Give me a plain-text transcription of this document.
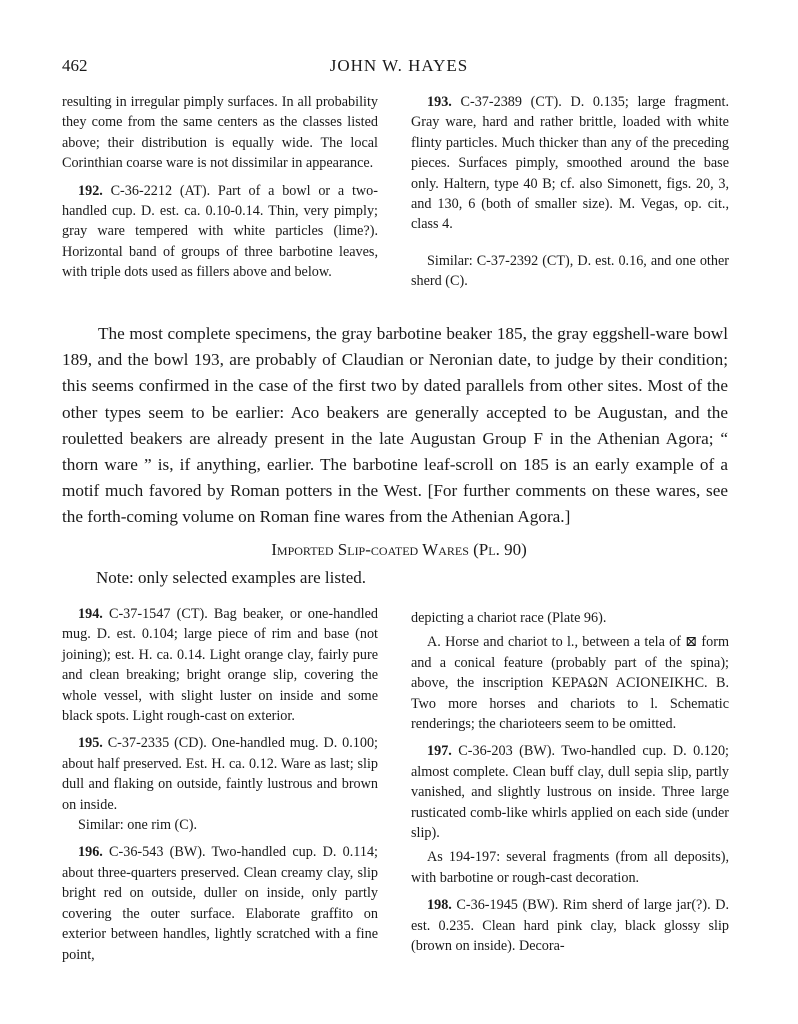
462	JOHN W. HAYES

resulting in irregular pimply surfaces. In all probability they come from the same centers as the classes listed above; their distribution is equally wide. The local Corinthian coarse ware is not dissimilar in appearance.

192. C-36-2212 (AT). Part of a bowl or a two-handled cup. D. est. ca. 0.10-0.14. Thin, very pimply; gray ware tempered with white particles (lime?). Horizontal band of groups of three barbotine leaves, with triple dots used as fillers above and below.

193. C-37-2389 (CT). D. 0.135; large fragment. Gray ware, hard and rather brittle, loaded with white flinty particles. Much thicker than any of the preceding pieces. Surfaces pimply, smoothed around the base only. Haltern, type 40 B; cf. also Simonett, figs. 20, 3, and 130, 6 (both of smaller size). M. Vegas, op. cit., class 4.

Similar: C-37-2392 (CT), D. est. 0.16, and one other sherd (C).

The most complete specimens, the gray barbotine beaker 185, the gray eggshell-ware bowl 189, and the bowl 193, are probably of Claudian or Neronian date, to judge by their condition; this seems confirmed in the case of the first two by dated parallels from other sites. Most of the other types seem to be earlier: Aco beakers are generally accepted to be Augustan, and the rouletted beakers are already present in the late Augustan Group F in the Athenian Agora; “ thorn ware ” is, if anything, earlier. The barbotine leaf-scroll on 185 is an early example of a motif much favored by Roman potters in the West. [For further comments on these wares, see the forth-coming volume on Roman fine wares from the Athenian Agora.]

Imported Slip-coated Wares (Pl. 90)
Note: only selected examples are listed.

194. C-37-1547 (CT). Bag beaker, or one-handled mug. D. est. 0.104; large piece of rim and base (not joining); est. H. ca. 0.14. Light orange clay, fairly pure and clean breaking; bright orange slip, covering the whole vessel, with slight luster on inside and some black spots. Light rough-cast on exterior.

195. C-37-2335 (CD). One-handled mug. D. 0.100; about half preserved. Est. H. ca. 0.12. Ware as last; slip dull and flaking on outside, faintly lustrous and brown on inside.

Similar: one rim (C).

196. C-36-543 (BW). Two-handled cup. D. 0.114; about three-quarters preserved. Clean creamy clay, slip bright red on outside, duller on inside, only partly covering the outer surface. Elaborate graffito on exterior between handles, lightly scratched with a fine point,

depicting a chariot race (Plate 96).

A. Horse and chariot to l., between a tela of ⊠ form and a conical feature (probably part of the spina); above, the inscription ΚΕΡΑΩΝ ΑCΙΟΝΕΙΚΗC. B. Two more horses and chariots to l. Schematic renderings; the charioteers seem to be omitted.

197. C-36-203 (BW). Two-handled cup. D. 0.120; almost complete. Clean buff clay, dull sepia slip, partly vanished, and slightly lustrous on inside. Three large rusticated comb-like whirls applied on each side (under slip).

As 194-197: several fragments (from all deposits), with barbotine or rough-cast decoration.

198. C-36-1945 (BW). Rim sherd of large jar(?). D. est. 0.235. Clean hard pink clay, black glossy slip (brown on inside). Decora-
